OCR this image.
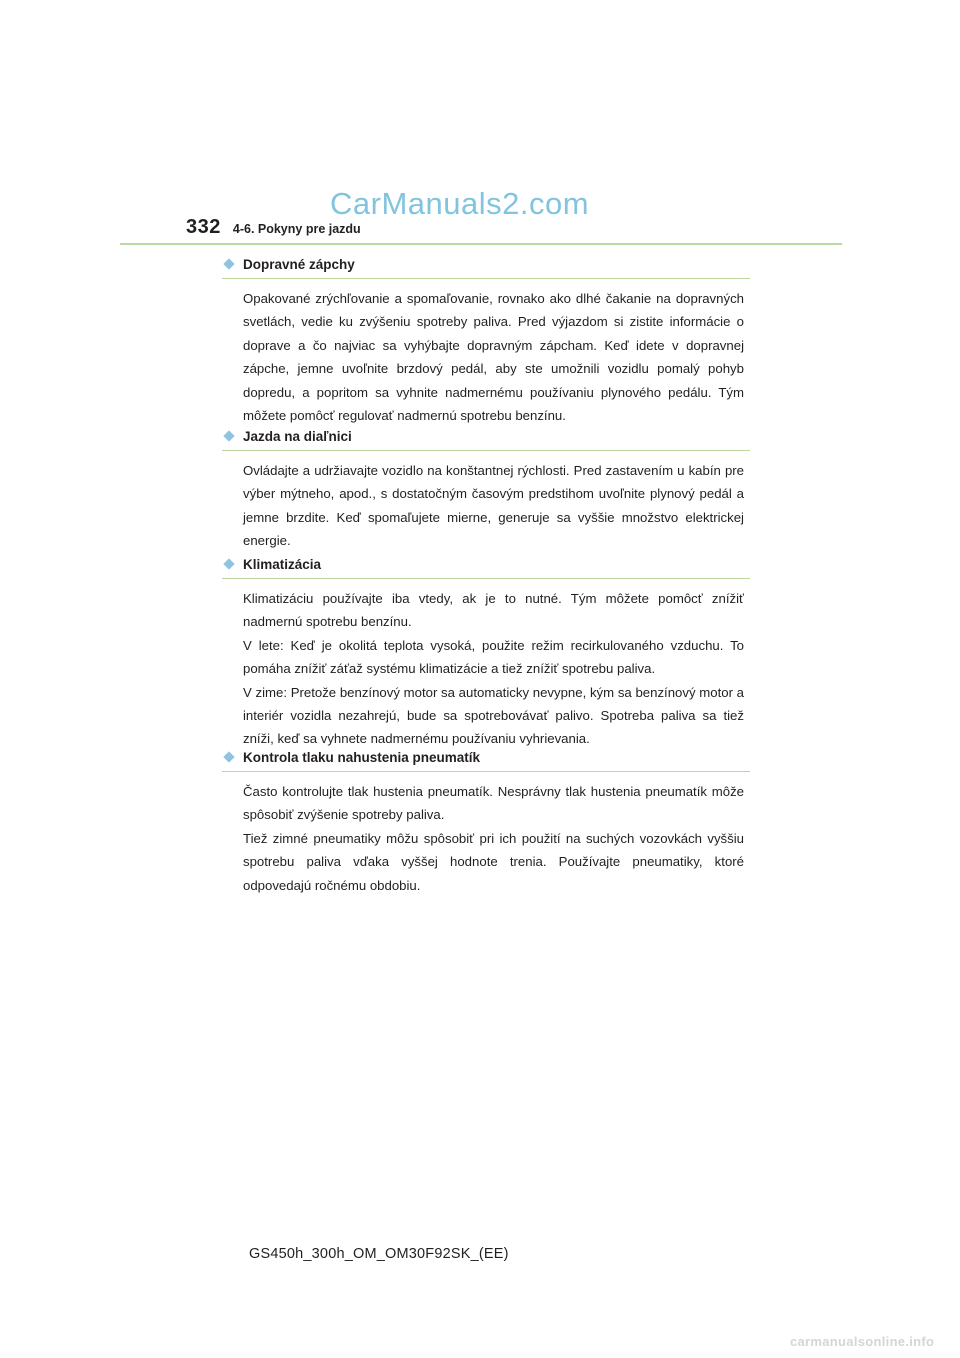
CarManuals2.com
332 4-6. Pokyny pre jazdu
Dopravné zápchy

Opakované zrýchľovanie a spomaľovanie, rovnako ako dlhé čakanie na dopravných svetlách, vedie ku zvýšeniu spotreby paliva. Pred výjazdom si zistite informácie o doprave a čo najviac sa vyhýbajte dopravným zápcham. Keď idete v dopravnej zápche, jemne uvoľnite brzdový pedál, aby ste umožnili vozidlu pomalý pohyb dopredu, a popritom sa vyhnite nadmernému používaniu plynového pedálu. Tým môžete pomôcť regulovať nadmernú spotrebu benzínu.

Jazda na diaľnici

Ovládajte a udržiavajte vozidlo na konštantnej rýchlosti. Pred zastavením u kabín pre výber mýtneho, apod., s dostatočným časovým predstihom uvoľnite plynový pedál a jemne brzdite. Keď spomaľujete mierne, generuje sa vyššie množstvo elektrickej energie.

Klimatizácia

Klimatizáciu používajte iba vtedy, ak je to nutné. Tým môžete pomôcť znížiť nadmernú spotrebu benzínu.

V lete: Keď je okolitá teplota vysoká, použite režim recirkulovaného vzduchu. To pomáha znížiť záťaž systému klimatizácie a tiež znížiť spotrebu paliva.

V zime: Pretože benzínový motor sa automaticky nevypne, kým sa benzínový motor a interiér vozidla nezahrejú, bude sa spotrebovávať palivo. Spotreba paliva sa tiež zníži, keď sa vyhnete nadmernému používaniu vyhrievania.

Kontrola tlaku nahustenia pneumatík

Často kontrolujte tlak hustenia pneumatík. Nesprávny tlak hustenia pneumatík môže spôsobiť zvýšenie spotreby paliva.

Tiež zimné pneumatiky môžu spôsobiť pri ich použití na suchých vozovkách vyššiu spotrebu paliva vďaka vyššej hodnote trenia. Používajte pneumatiky, ktoré odpovedajú ročnému obdobiu.

GS450h_300h_OM_OM30F92SK_(EE)
carmanualsonline.info
